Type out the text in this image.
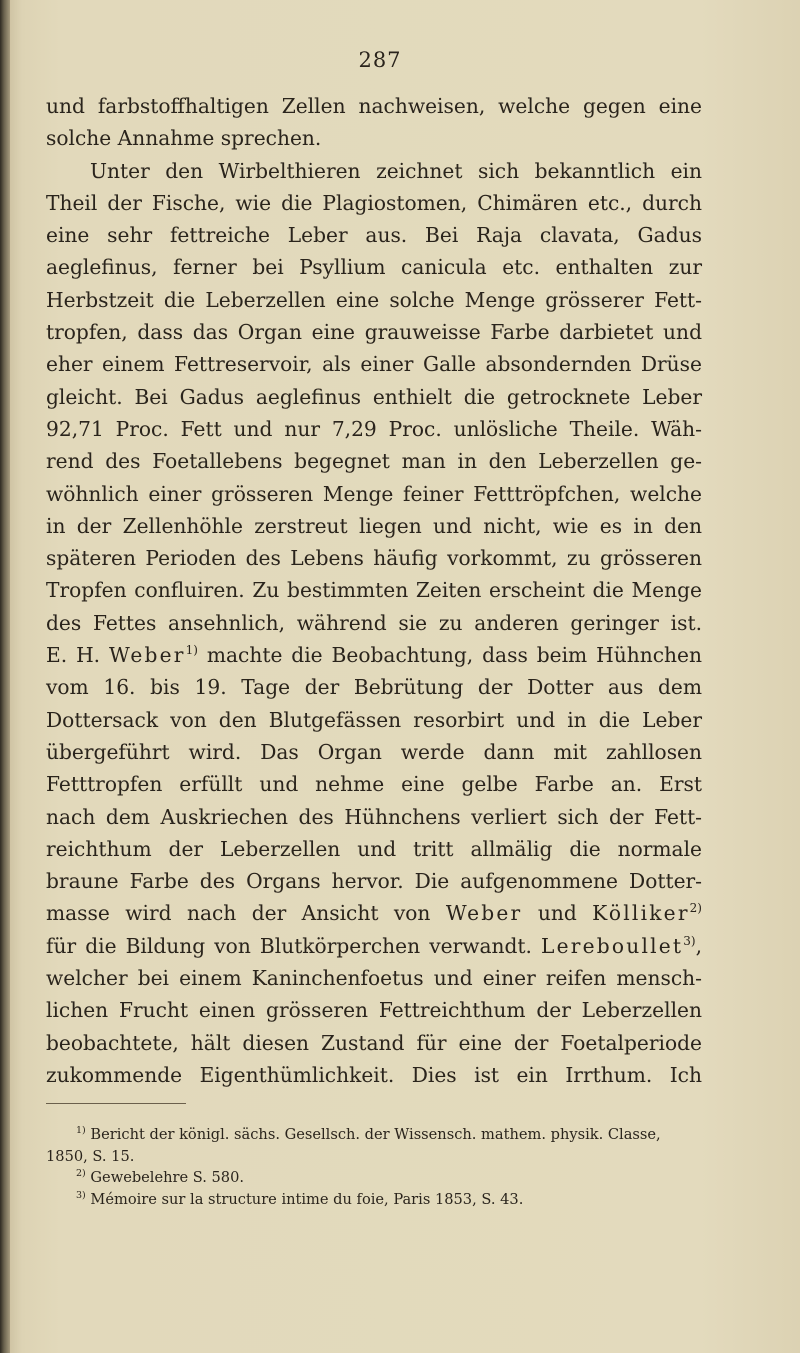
287
und farbstoffhaltigen Zellen nachweisen, welche gegen eine
solche Annahme sprechen.
Unter den Wirbelthieren zeichnet sich bekanntlich ein
Theil der Fische, wie die Plagiostomen, Chimären etc., durch
eine sehr fettreiche Leber aus. Bei Raja clavata, Gadus
aeglefinus, ferner bei Psyllium canicula etc. enthalten zur
Herbstzeit die Leberzellen eine solche Menge grösserer Fett-
tropfen, dass das Organ eine grauweisse Farbe darbietet und
eher einem Fettreservoir, als einer Galle absondernden Drüse
gleicht. Bei Gadus aeglefinus enthielt die getrocknete Leber
92,71 Proc. Fett und nur 7,29 Proc. unlösliche Theile. Wäh-
rend des Foetallebens begegnet man in den Leberzellen ge-
wöhnlich einer grösseren Menge feiner Fetttröpfchen, welche
in der Zellenhöhle zerstreut liegen und nicht, wie es in den
späteren Perioden des Lebens häufig vorkommt, zu grösseren
Tropfen confluiren. Zu bestimmten Zeiten erscheint die Menge
des Fettes ansehnlich, während sie zu anderen geringer ist.
E. H. Weber$^{1)}$ machte die Beobachtung, dass beim Hühnchen
vom 16. bis 19. Tage der Bebrütung der Dotter aus dem
Dottersack von den Blutgefässen resorbirt und in die Leber
übergeführt wird. Das Organ werde dann mit zahllosen
Fetttropfen erfüllt und nehme eine gelbe Farbe an. Erst
nach dem Auskriechen des Hühnchens verliert sich der Fett-
reichthum der Leberzellen und tritt allmälig die normale
braune Farbe des Organs hervor. Die aufgenommene Dotter-
masse wird nach der Ansicht von Weber und Kölliker$^{2)}$
für die Bildung von Blutkörperchen verwandt. Lereboullet$^{3)}$,
welcher bei einem Kaninchenfoetus und einer reifen mensch-
lichen Frucht einen grösseren Fettreichthum der Leberzellen
beobachtete, hält diesen Zustand für eine der Foetalperiode
zukommende Eigenthümlichkeit. Dies ist ein Irrthum. Ich
$^{1)}$ Bericht der königl. sächs. Gesellsch. der Wissensch. mathem. physik. Classe,
1850, S. 15.
$^{2)}$ Gewebelehre S. 580.
$^{3)}$ Mémoire sur la structure intime du foie, Paris 1853, S. 43.
